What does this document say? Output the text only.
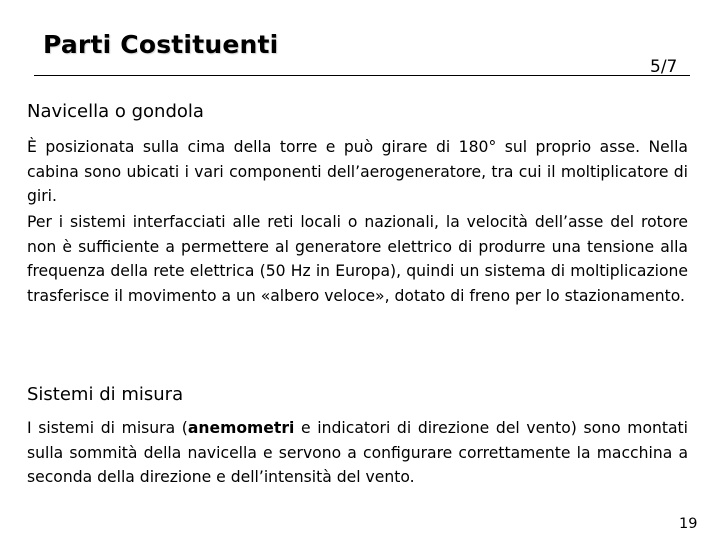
Parti Costituenti
5/7
Navicella o gondola

È posizionata sulla cima della torre e può girare di 180° sul proprio asse. Nella cabina sono ubicati i vari componenti dell’aerogeneratore, tra cui il moltiplicatore di giri.

Per i sistemi interfacciati alle reti locali o nazionali, la velocità dell’asse del rotore non è sufficiente a permettere al generatore elettrico di produrre una tensione alla frequenza della rete elettrica (50 Hz in Europa), quindi un sistema di moltiplicazione trasferisce il movimento a un «albero veloce», dotato di freno per lo stazionamento.

Sistemi di misura

I sistemi di misura (anemometri e indicatori di direzione del vento) sono montati sulla sommità della navicella e servono a configurare correttamente la macchina a seconda della direzione e dell’intensità del vento.

19
